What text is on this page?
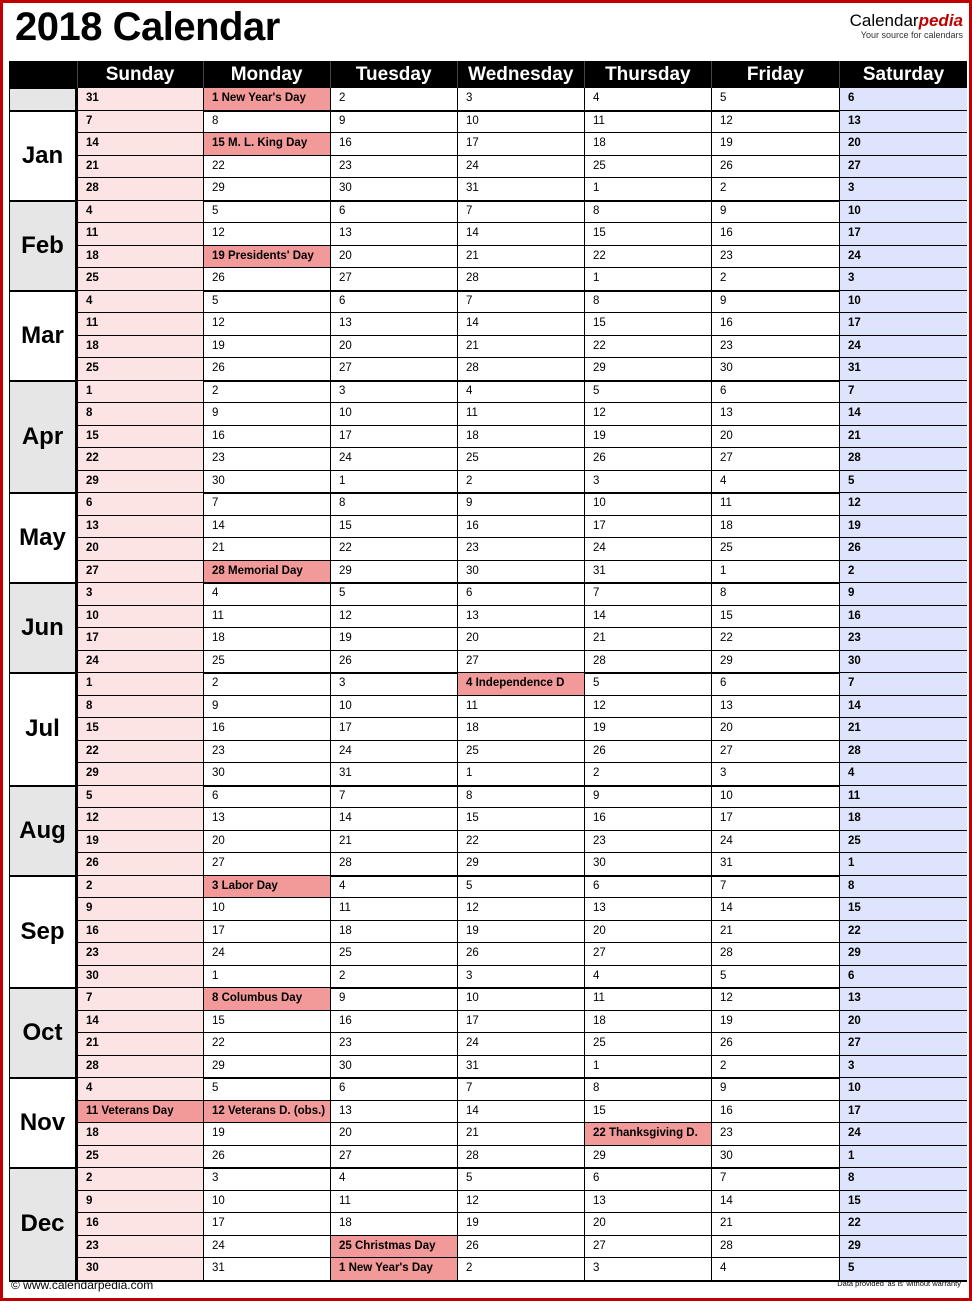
2018 Calendar	Calendarpedia
Your source for calendars
Sunday	Monday	Tuesday	Wednesday	Thursday	Friday	Saturday
31	1 New Year's Day	2	3	4	5	6
7	8	9	10	11	12	13
14	15 M. L. King Day	16	17	18	19	20
21	22	23	24	25	26	27
28	29	30	31	1	2	3
Jan
4	5	6	7	8	9	10
11	12	13	14	15	16	17
18	19 Presidents' Day	20	21	22	23	24
25	26	27	28	1	2	3
Feb
4	5	6	7	8	9	10
11	12	13	14	15	16	17
18	19	20	21	22	23	24
25	26	27	28	29	30	31
Mar
1	2	3	4	5	6	7
8	9	10	11	12	13	14
15	16	17	18	19	20	21
22	23	24	25	26	27	28
29	30	1	2	3	4	5
Apr
6	7	8	9	10	11	12
13	14	15	16	17	18	19
20	21	22	23	24	25	26
27	28 Memorial Day	29	30	31	1	2
May
3	4	5	6	7	8	9
10	11	12	13	14	15	16
17	18	19	20	21	22	23
24	25	26	27	28	29	30
Jun
1	2	3	4 Independence D	5	6	7
8	9	10	11	12	13	14
15	16	17	18	19	20	21
22	23	24	25	26	27	28
29	30	31	1	2	3	4
Jul
5	6	7	8	9	10	11
12	13	14	15	16	17	18
19	20	21	22	23	24	25
26	27	28	29	30	31	1
Aug
2	3 Labor Day	4	5	6	7	8
9	10	11	12	13	14	15
16	17	18	19	20	21	22
23	24	25	26	27	28	29
30	1	2	3	4	5	6
Sep
7	8 Columbus Day	9	10	11	12	13
14	15	16	17	18	19	20
21	22	23	24	25	26	27
28	29	30	31	1	2	3
Oct
4	5	6	7	8	9	10
11 Veterans Day	12 Veterans D. (obs.)	13	14	15	16	17
18	19	20	21	22 Thanksgiving D.	23	24
25	26	27	28	29	30	1
Nov
2	3	4	5	6	7	8
9	10	11	12	13	14	15
16	17	18	19	20	21	22
23	24	25 Christmas Day	26	27	28	29
30	31	1 New Year's Day	2	3	4	5
Dec
© www.calendarpedia.com	Data provided 'as is' without warranty
